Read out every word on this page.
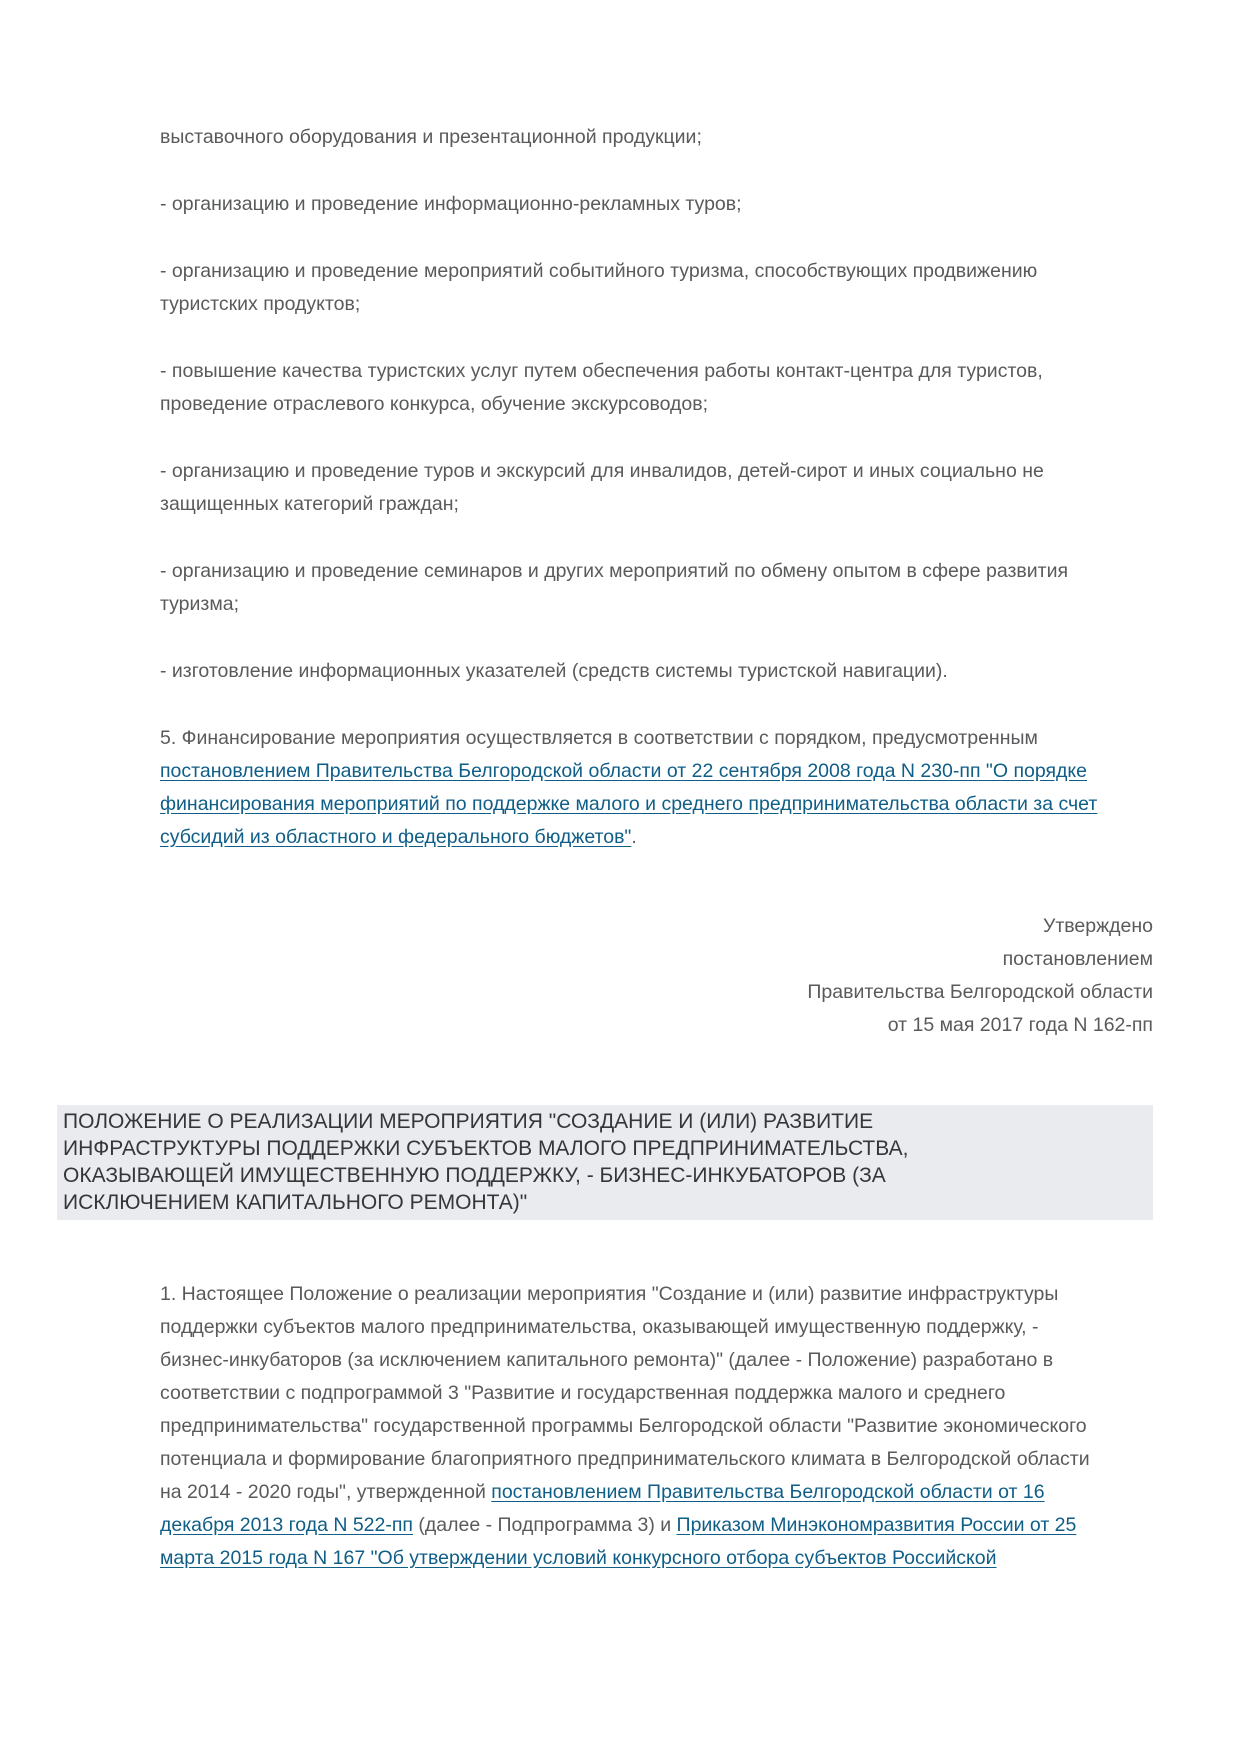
выставочного оборудования и презентационной продукции;

- организацию и проведение информационно-рекламных туров;

- организацию и проведение мероприятий событийного туризма, способствующих продвижению туристских продуктов;

- повышение качества туристских услуг путем обеспечения работы контакт-центра для туристов, проведение отраслевого конкурса, обучение экскурсоводов;

- организацию и проведение туров и экскурсий для инвалидов, детей-сирот и иных социально не защищенных категорий граждан;

- организацию и проведение семинаров и других мероприятий по обмену опытом в сфере развития туризма;

- изготовление информационных указателей (средств системы туристской навигации).

5. Финансирование мероприятия осуществляется в соответствии с порядком, предусмотренным постановлением Правительства Белгородской области от 22 сентября 2008 года N 230-пп "О порядке финансирования мероприятий по поддержке малого и среднего предпринимательства области за счет субсидий из областного и федерального бюджетов".

Утверждено
постановлением
Правительства Белгородской области
от 15 мая 2017 года N 162-пп
ПОЛОЖЕНИЕ О РЕАЛИЗАЦИИ МЕРОПРИЯТИЯ "СОЗДАНИЕ И (ИЛИ) РАЗВИТИЕ
ИНФРАСТРУКТУРЫ ПОДДЕРЖКИ СУБЪЕКТОВ МАЛОГО ПРЕДПРИНИМАТЕЛЬСТВА,
ОКАЗЫВАЮЩЕЙ ИМУЩЕСТВЕННУЮ ПОДДЕРЖКУ, - БИЗНЕС-ИНКУБАТОРОВ (ЗА
ИСКЛЮЧЕНИЕМ КАПИТАЛЬНОГО РЕМОНТА)"

1. Настоящее Положение о реализации мероприятия "Создание и (или) развитие инфраструктуры поддержки субъектов малого предпринимательства, оказывающей имущественную поддержку, - бизнес-инкубаторов (за исключением капитального ремонта)" (далее - Положение) разработано в соответствии с подпрограммой 3 "Развитие и государственная поддержка малого и среднего предпринимательства" государственной программы Белгородской области "Развитие экономического потенциала и формирование благоприятного предпринимательского климата в Белгородской области на 2014 - 2020 годы", утвержденной постановлением Правительства Белгородской области от 16 декабря 2013 года N 522-пп (далее - Подпрограмма 3) и Приказом Минэкономразвития России от 25 марта 2015 года N 167 "Об утверждении условий конкурсного отбора субъектов Российской
